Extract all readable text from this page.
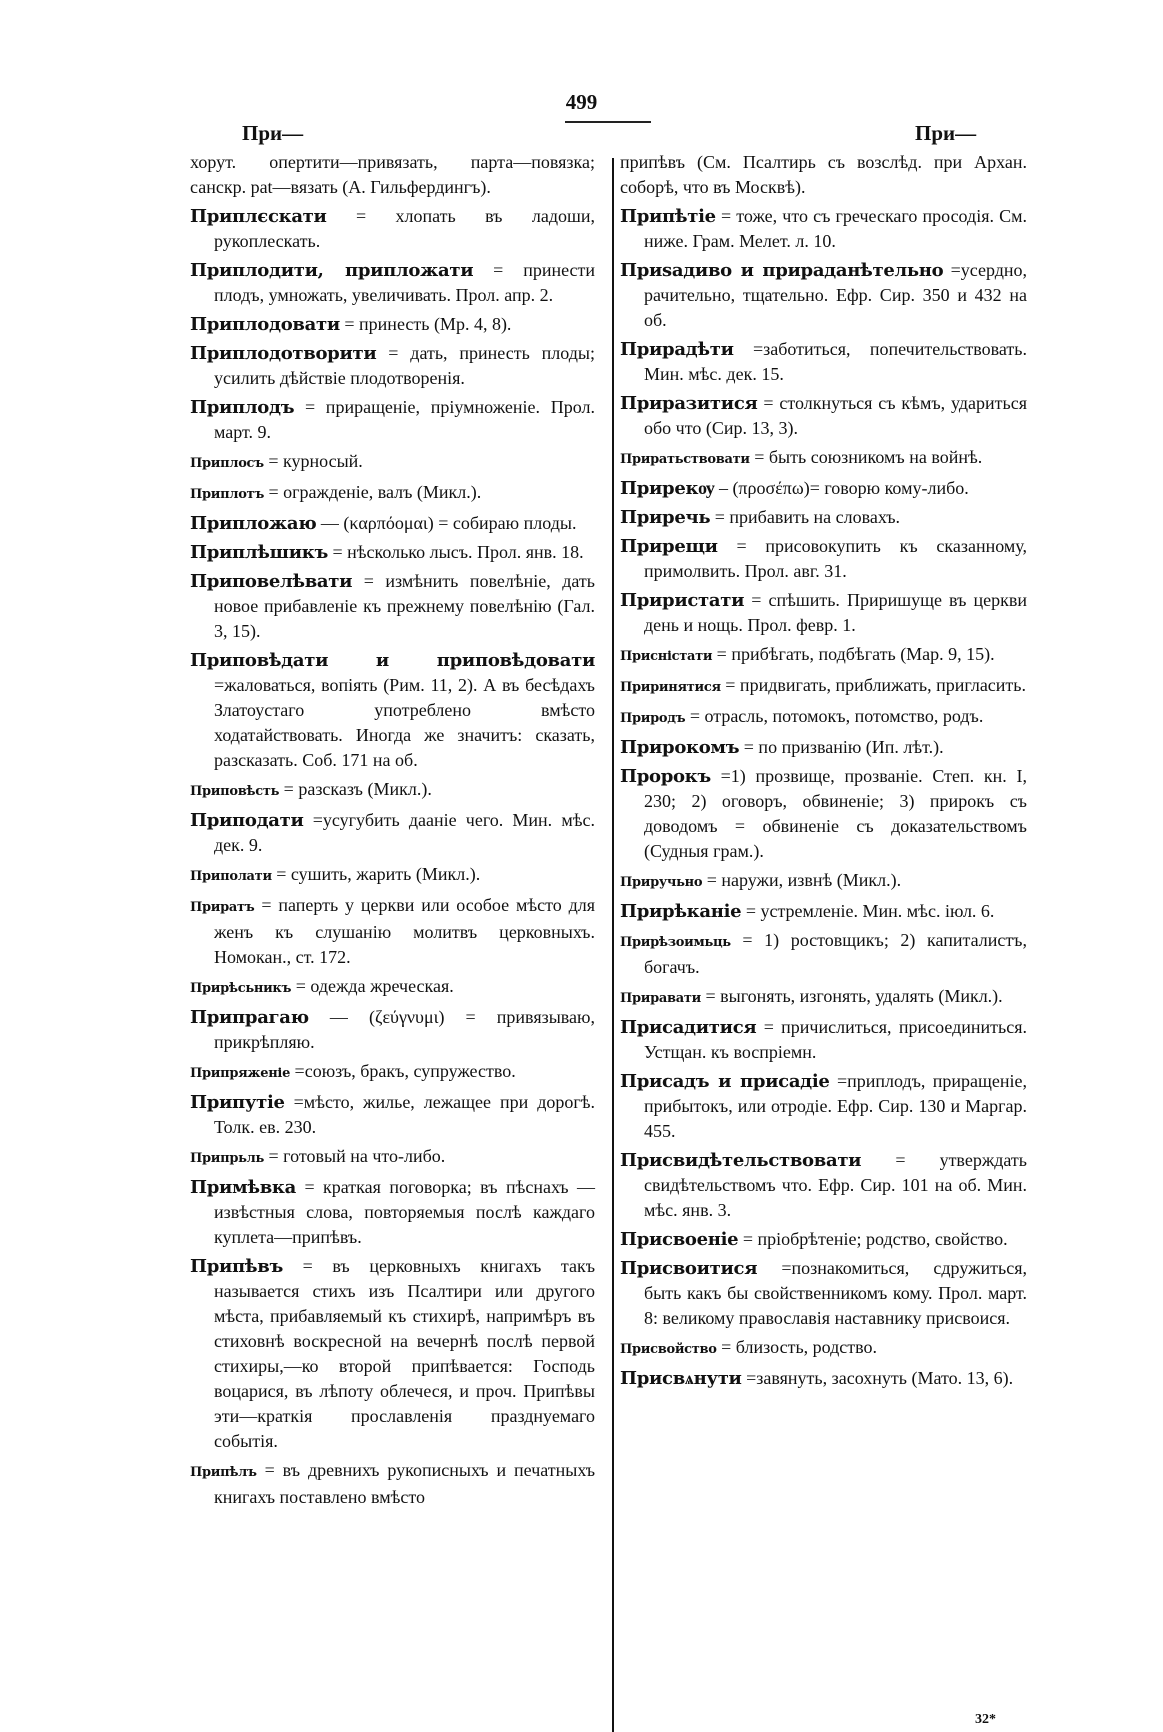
499
При—	При—

хорут. опертити—привязать, парта—повязка; санскр. pat—вязать (А. Гильфердингъ).

Приплєскати = хлопать въ ладоши, рукоплескать.

Приплодити, припложати = принести плодъ, умножать, увеличивать. Прол. апр. 2.

Приплодовати = принесть (Мр. 4, 8).

Приплодотворити = дать, принесть плоды; усилить дѣйствіе плодотворенія.

Приплодъ = приращеніе, пріумноженіе. Прол. март. 9.

Приплосъ = курносый.

Приплотъ = огражденіе, валъ (Микл.).

Припложаю — (καρπόομαι) = собираю плоды.

Приплѣшикъ = нѣсколько лысъ. Прол. янв. 18.

Приповелѣвати = измѣнить повелѣніе, дать новое прибавленіе къ прежнему повелѣнію (Гал. 3, 15).

Приповѣдати и приповѣдовати =жаловаться, вопіять (Рим. 11, 2). А въ бесѣдахъ Златоустаго употреблено вмѣсто ходатайствовать. Иногда же значитъ: сказать, разсказать. Соб. 171 на об.

Приповѣсть = разсказъ (Микл.).

Приподати =усугубить дааніе чего. Мин. мѣс. дек. 9.

Приполати = сушить, жарить (Микл.).

Приратъ = паперть у церкви или особое мѣсто для женъ къ слушанію молитвъ церковныхъ. Номокан., ст. 172.

Прирѣсьникъ = одежда жреческая.

Припрагаю — (ζεύγνυμι) = привязываю, прикрѣпляю.

Припряженіе =союзъ, бракъ, супружество.

Припутіе =мѣсто, жилье, лежащее при дорогѣ. Толк. ев. 230.

Припрьль = готовый на что-либо.

Примѣвка = краткая поговорка; въ пѣснахъ — извѣстныя слова, повторяемыя послѣ каждаго куплета—припѣвъ.

Припѣвъ = въ церковныхъ книгахъ такъ называется стихъ изъ Псалтири или другого мѣста, прибавляемый къ стихирѣ, напримѣръ въ стиховнѣ воскресной на вечернѣ послѣ первой стихиры,—ко второй припѣвается: Господь воцарися, въ лѣпоту облечеся, и проч. Припѣвы эти—краткія прославленія празднуемаго событія.

Припѣлъ = въ древнихъ рукописныхъ и печатныхъ книгахъ поставлено вмѣсто

припѣвъ (См. Псалтирь съ возслѣд. при Архан. соборѣ, что въ Москвѣ).

Припѣтіе = тоже, что съ греческаго просодія. См. ниже. Грам. Мелет. л. 10.

Приsадиво и прираданѣтельно =усердно, рачительно, тщательно. Ефр. Сир. 350 и 432 на об.

Прирадѣти =заботиться, попечительствовать. Мин. мѣс. дек. 15.

Приразитися = столкнуться съ кѣмъ, удариться обо что (Сир. 13, 3).

Приратьствовати = быть союзникомъ на войнѣ.

Прирекѹ – (προσέπω)= говорю кому-либо.

Приречь = прибавить на словахъ.

Прирещи = присовокупить къ сказанному, примолвить. Прол. авг. 31.

Приристати = спѣшить. Приришуще въ церкви день и нощь. Прол. февр. 1.

Присністати = прибѣгать, подбѣгать (Мар. 9, 15).

Приринятися = придвигать, приближать, пригласить.

Природъ = отрасль, потомокъ, потомство, родъ.

Прирокомъ = по призванію (Ип. лѣт.).

Пророкъ =1) прозвище, прозваніе. Степ. кн. I, 230; 2) оговоръ, обвиненіе; 3) прирокъ съ доводомъ = обвиненіе съ доказательствомъ (Судныя грам.).

Приручьно = наружи, извнѣ (Микл.).

Прирѣканіе = устремленіе. Мин. мѣс. іюл. 6.

Прирѣзоимьць = 1) ростовщикъ; 2) капиталистъ, богачъ.

Приравати = выгонять, изгонять, удалять (Микл.).

Присадитися = причислиться, присоединиться. Устщан. къ воспріемн.

Присадъ и присадіе =приплодъ, приращеніе, прибытокъ, или отродіе. Ефр. Сир. 130 и Маргар. 455.

Присвидѣтельствовати = утверждать свидѣтельствомъ что. Ефр. Сир. 101 на об. Мин. мѣс. янв. 3.

Присвоеніе = пріобрѣтеніе; родство, свойство.

Присвоитися =познакомиться, сдружиться, быть какъ бы свойственникомъ кому. Прол. март. 8: великому православія наставнику присвоися.

Присвойство = близость, родство.

Присвѧнути =завянуть, засохнуть (Мато. 13, 6).

32*
